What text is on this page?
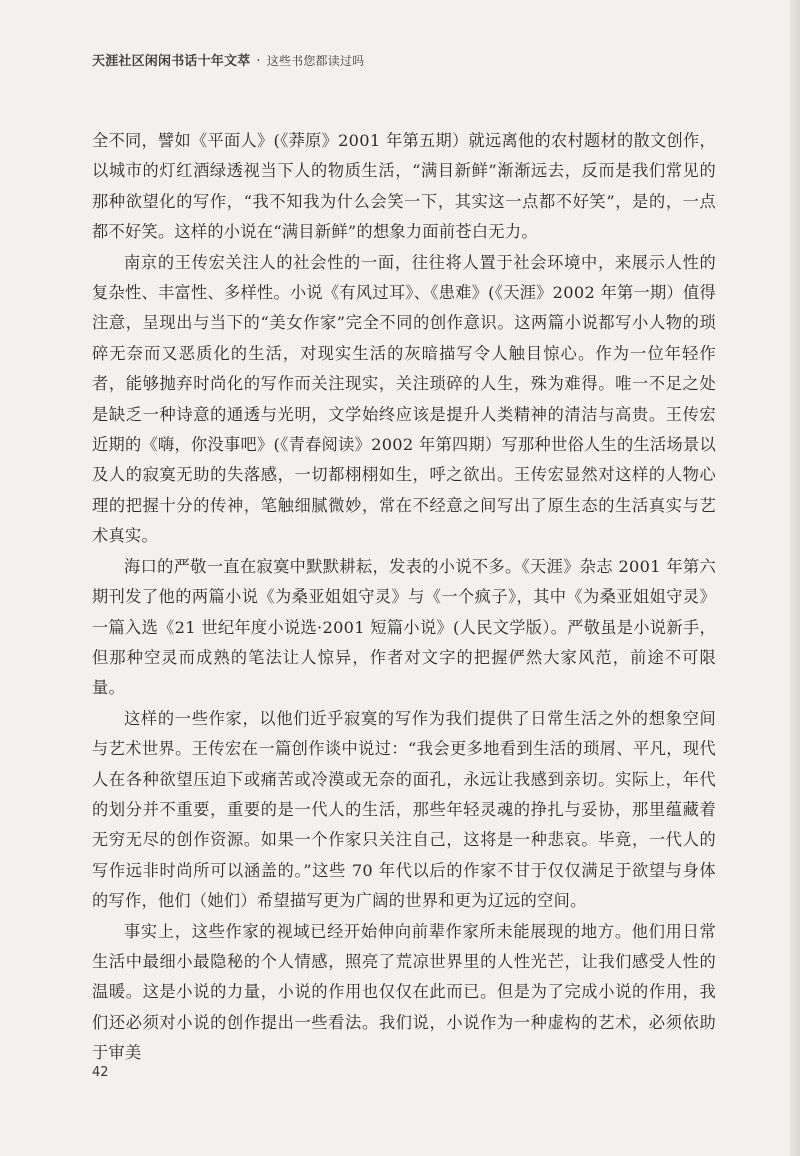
天涯社区闲闲书话十年文萃 · 这些书您都读过吗

全不同，譬如《平面人》(《莽原》2001 年第五期）就远离他的农村题材的散文创作，以城市的灯红酒绿透视当下人的物质生活，“满目新鲜”渐渐远去，反而是我们常见的那种欲望化的写作，“我不知我为什么会笑一下，其实这一点都不好笑”，是的，一点都不好笑。这样的小说在“满目新鲜”的想象力面前苍白无力。

南京的王传宏关注人的社会性的一面，往往将人置于社会环境中，来展示人性的复杂性、丰富性、多样性。小说《有风过耳》、《患难》(《天涯》2002 年第一期）值得注意，呈现出与当下的“美女作家”完全不同的创作意识。这两篇小说都写小人物的琐碎无奈而又恶质化的生活，对现实生活的灰暗描写令人触目惊心。作为一位年轻作者，能够抛弃时尚化的写作而关注现实，关注琐碎的人生，殊为难得。唯一不足之处是缺乏一种诗意的通透与光明，文学始终应该是提升人类精神的清洁与高贵。王传宏近期的《嗨，你没事吧》(《青春阅读》2002 年第四期）写那种世俗人生的生活场景以及人的寂寞无助的失落感，一切都栩栩如生，呼之欲出。王传宏显然对这样的人物心理的把握十分的传神，笔触细腻微妙，常在不经意之间写出了原生态的生活真实与艺术真实。

海口的严敬一直在寂寞中默默耕耘，发表的小说不多。《天涯》杂志 2001 年第六期刊发了他的两篇小说《为桑亚姐姐守灵》与《一个疯子》，其中《为桑亚姐姐守灵》一篇入选《21 世纪年度小说选·2001 短篇小说》(人民文学版）。严敬虽是小说新手，但那种空灵而成熟的笔法让人惊异，作者对文字的把握俨然大家风范，前途不可限量。

这样的一些作家，以他们近乎寂寞的写作为我们提供了日常生活之外的想象空间与艺术世界。王传宏在一篇创作谈中说过：“我会更多地看到生活的琐屑、平凡，现代人在各种欲望压迫下或痛苦或冷漠或无奈的面孔，永远让我感到亲切。实际上，年代的划分并不重要，重要的是一代人的生活，那些年轻灵魂的挣扎与妥协，那里蕴藏着无穷无尽的创作资源。如果一个作家只关注自己，这将是一种悲哀。毕竟，一代人的写作远非时尚所可以涵盖的。”这些 70 年代以后的作家不甘于仅仅满足于欲望与身体的写作，他们（她们）希望描写更为广阔的世界和更为辽远的空间。

事实上，这些作家的视域已经开始伸向前辈作家所未能展现的地方。他们用日常生活中最细小最隐秘的个人情感，照亮了荒凉世界里的人性光芒，让我们感受人性的温暖。这是小说的力量，小说的作用也仅仅在此而已。但是为了完成小说的作用，我们还必须对小说的创作提出一些看法。我们说，小说作为一种虚构的艺术，必须依助于审美

42
